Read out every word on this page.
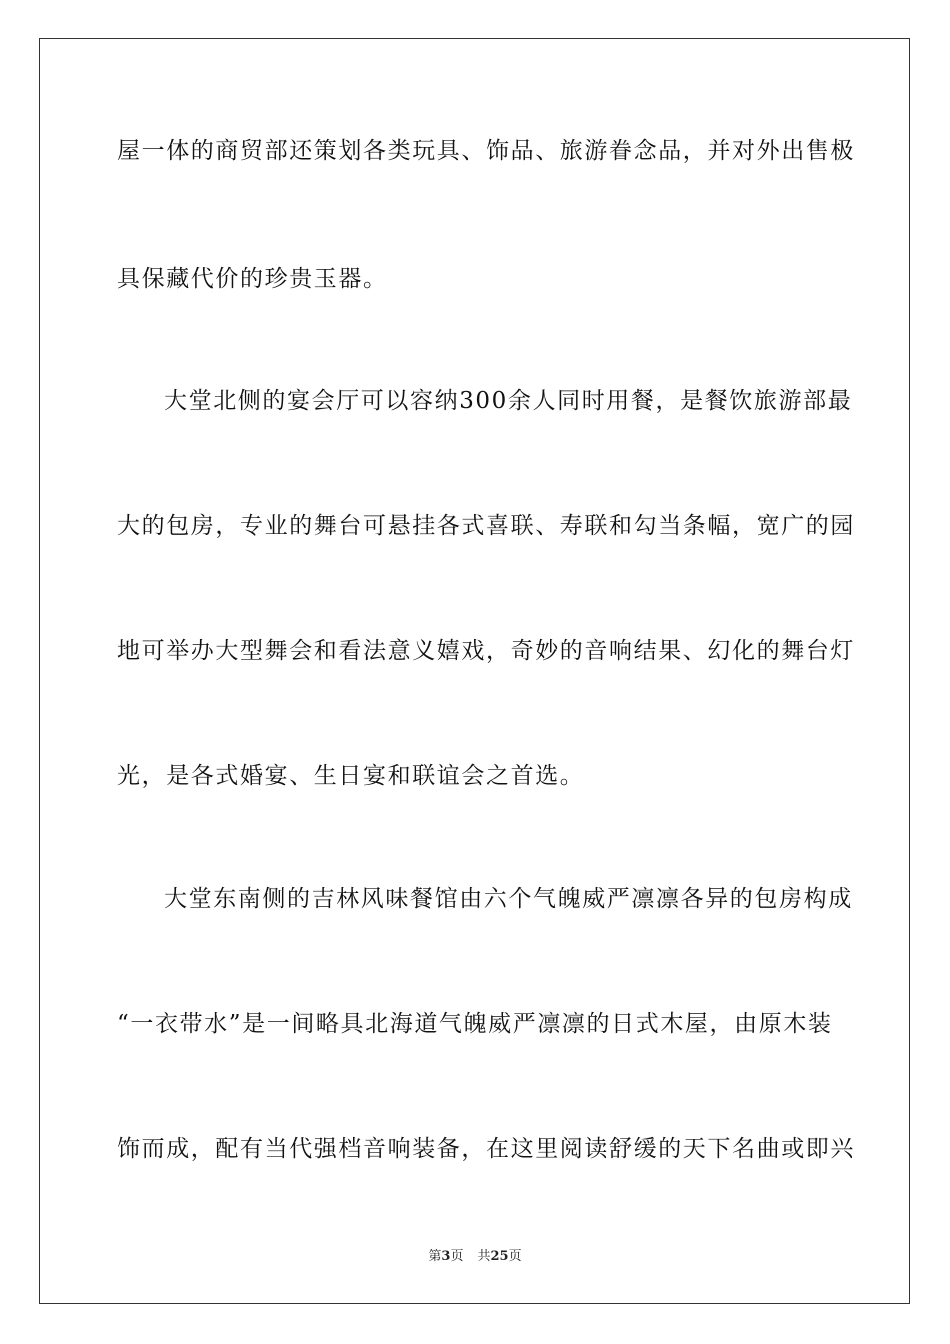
屋一体的商贸部还策划各类玩具、饰品、旅游眷念品，并对外出售极
具保藏代价的珍贵玉器。
大堂北侧的宴会厅可以容纳300余人同时用餐，是餐饮旅游部最
大的包房，专业的舞台可悬挂各式喜联、寿联和勾当条幅，宽广的园
地可举办大型舞会和看法意义嬉戏，奇妙的音响结果、幻化的舞台灯
光，是各式婚宴、生日宴和联谊会之首选。
大堂东南侧的吉林风味餐馆由六个气魄威严凛凛各异的包房构成
“一衣带水”是一间略具北海道气魄威严凛凛的日式木屋，由原木装
饰而成，配有当代强档音响装备，在这里阅读舒缓的天下名曲或即兴
第3页 共25页
